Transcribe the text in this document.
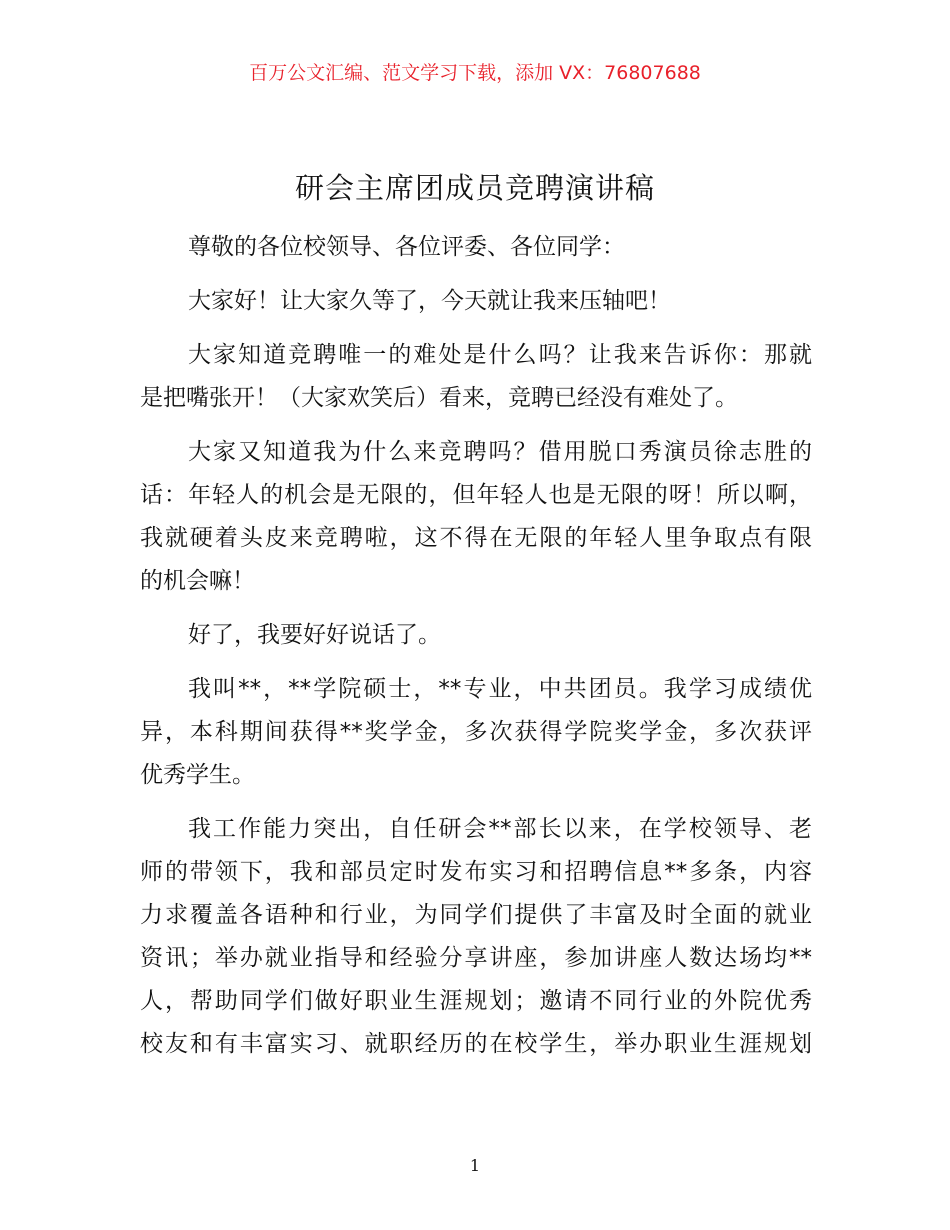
百万公文汇编、范文学习下载，添加 VX：76807688
研会主席团成员竞聘演讲稿
尊敬的各位校领导、各位评委、各位同学：
大家好！让大家久等了，今天就让我来压轴吧！
大家知道竞聘唯一的难处是什么吗？让我来告诉你：那就
是把嘴张开！（大家欢笑后）看来，竞聘已经没有难处了。
大家又知道我为什么来竞聘吗？借用脱口秀演员徐志胜的
话：年轻人的机会是无限的，但年轻人也是无限的呀！所以啊，
我就硬着头皮来竞聘啦，这不得在无限的年轻人里争取点有限
的机会嘛！
好了，我要好好说话了。
我叫**，**学院硕士，**专业，中共团员。我学习成绩优
异，本科期间获得**奖学金，多次获得学院奖学金，多次获评
优秀学生。
我工作能力突出，自任研会**部长以来，在学校领导、老
师的带领下，我和部员定时发布实习和招聘信息**多条，内容
力求覆盖各语种和行业，为同学们提供了丰富及时全面的就业
资讯；举办就业指导和经验分享讲座，参加讲座人数达场均**
人，帮助同学们做好职业生涯规划；邀请不同行业的外院优秀
校友和有丰富实习、就职经历的在校学生，举办职业生涯规划
1
